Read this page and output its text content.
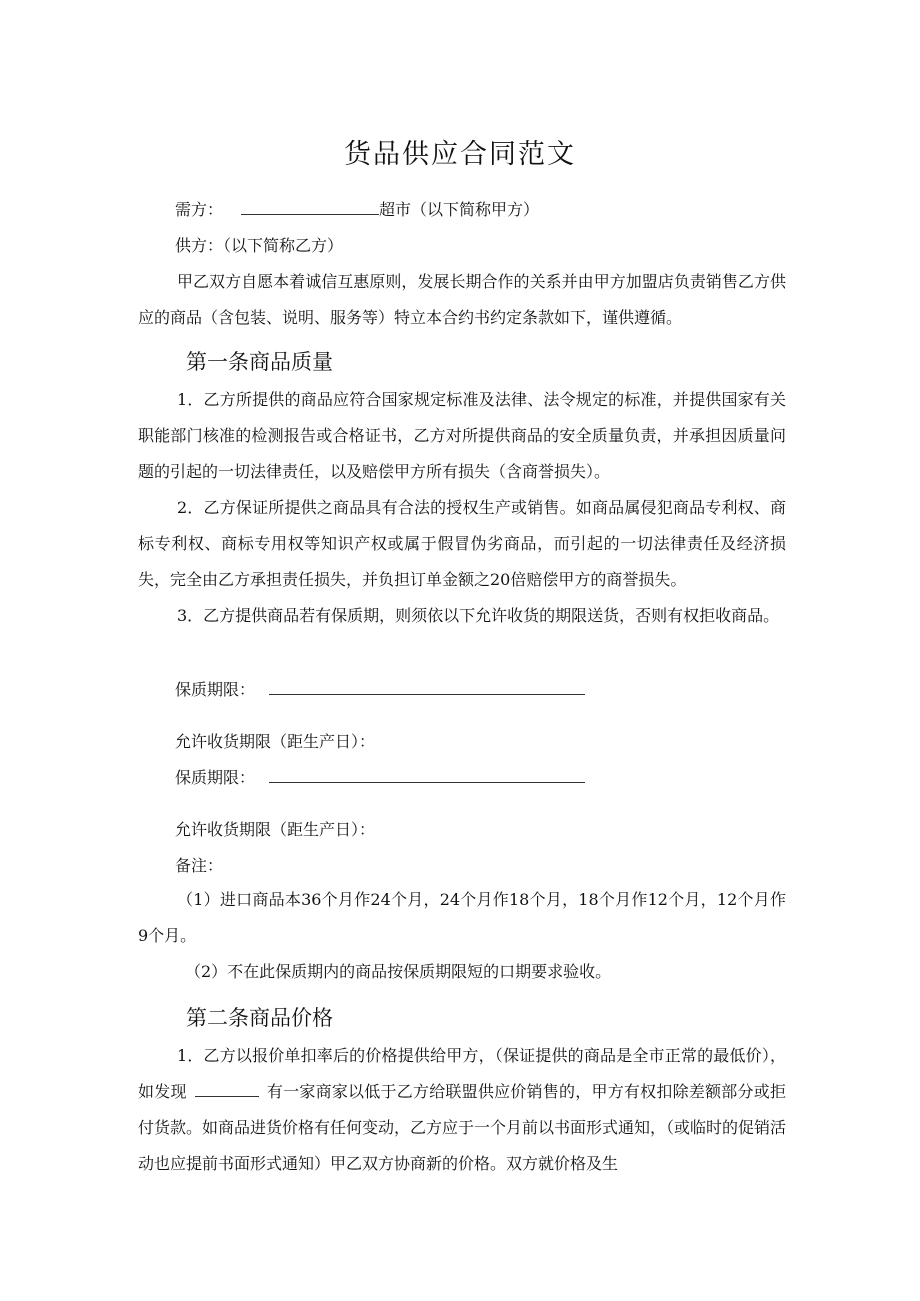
货品供应合同范文
需方：	超市（以下简称甲方）
供方：（以下简称乙方）

甲乙双方自愿本着诚信互惠原则，发展长期合作的关系并由甲方加盟店负责销售乙方供应的商品（含包装、说明、服务等）特立本合约书约定条款如下，谨供遵循。

第一条商品质量

1．乙方所提供的商品应符合国家规定标准及法律、法令规定的标准，并提供国家有关职能部门核准的检测报告或合格证书，乙方对所提供商品的安全质量负责，并承担因质量问题的引起的一切法律责任，以及赔偿甲方所有损失（含商誉损失）。

2．乙方保证所提供之商品具有合法的授权生产或销售。如商品属侵犯商品专利权、商标专利权、商标专用权等知识产权或属于假冒伪劣商品，而引起的一切法律责任及经济损失，完全由乙方承担责任损失，并负担订单金额之20倍赔偿甲方的商誉损失。

3．乙方提供商品若有保质期，则须依以下允许收货的期限送货，否则有权拒收商品。

保质期限：
允许收货期限（距生产日）：
保质期限：
允许收货期限（距生产日）：
备注：

（1）进口商品本36个月作24个月，24个月作18个月，18个月作12个月，12个月作9个月。

（2）不在此保质期内的商品按保质期限短的口期要求验收。

第二条商品价格

1．乙方以报价单扣率后的价格提供给甲方，（保证提供的商品是全市正常的最低价），如发现	有一家商家以低于乙方给联盟供应价销售的，甲方有权扣除差额部分或拒付货款。如商品进货价格有任何变动，乙方应于一个月前以书面形式通知，（或临时的促销活动也应提前书面形式通知）甲乙双方协商新的价格。双方就价格及生
